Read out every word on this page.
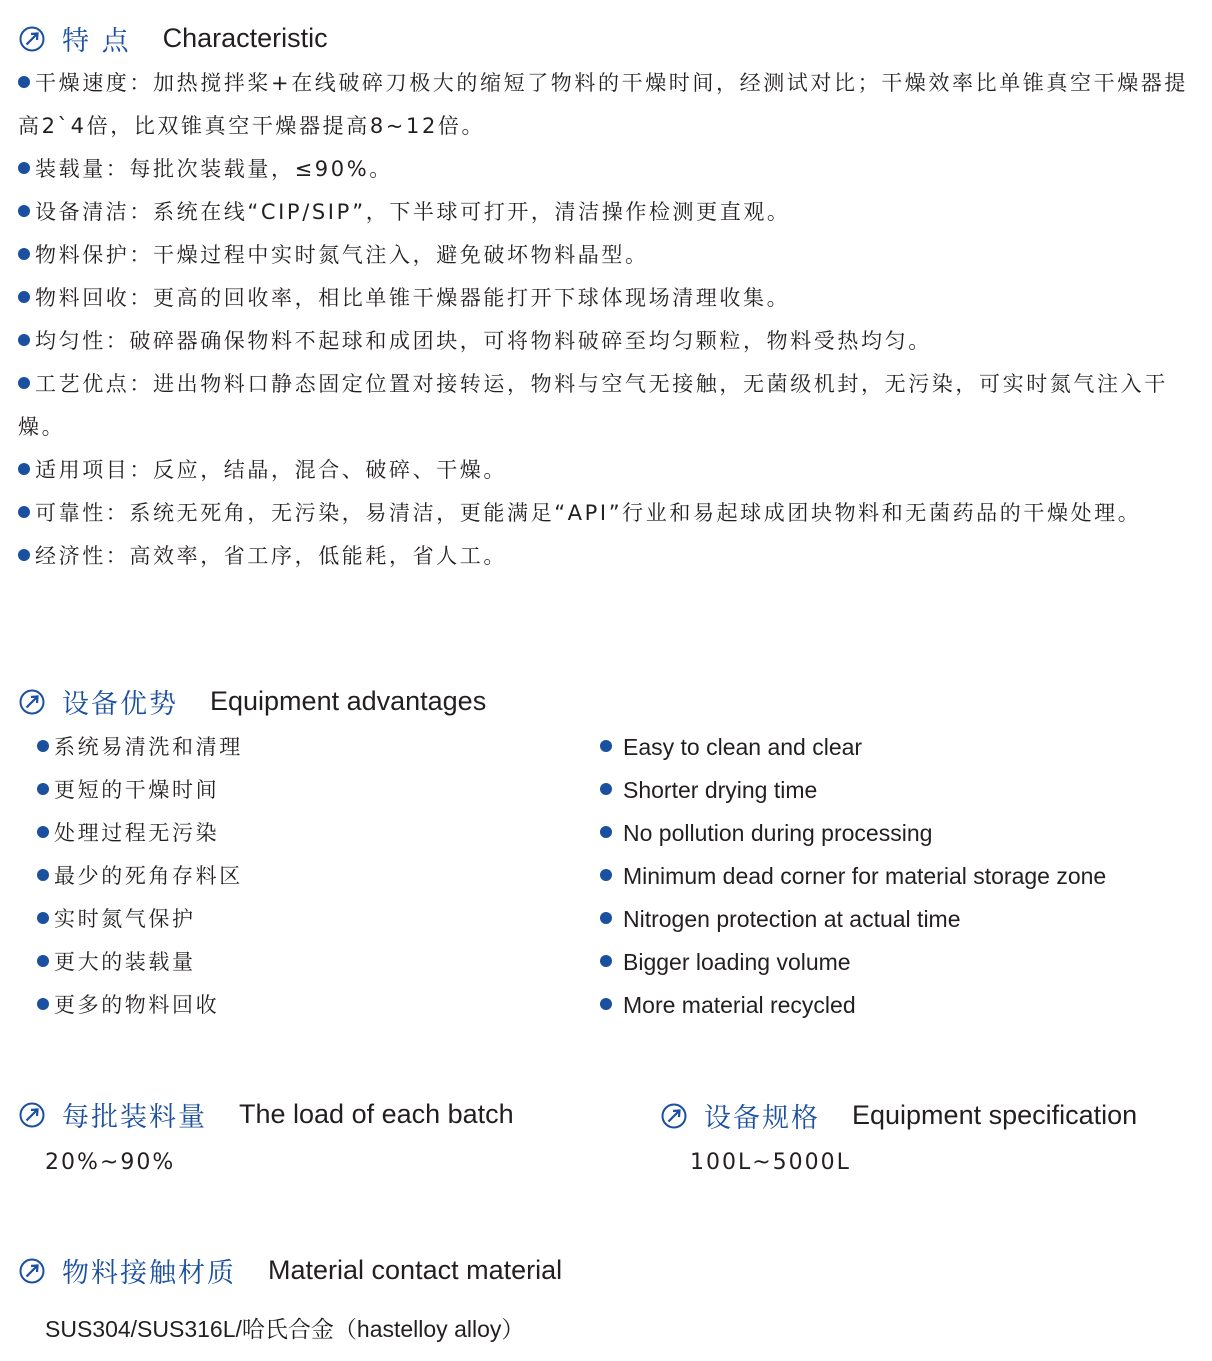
特 点 Characteristic
干燥速度：加热搅拌桨+在线破碎刀极大的缩短了物料的干燥时间，经测试对比；干燥效率比单锥真空干燥器提高2`4倍，比双锥真空干燥器提高8~12倍。
装载量：每批次装载量，≤90%。
设备清洁：系统在线“CIP/SIP”，下半球可打开，清洁操作检测更直观。
物料保护：干燥过程中实时氮气注入，避免破坏物料晶型。
物料回收：更高的回收率，相比单锥干燥器能打开下球体现场清理收集。
均匀性：破碎器确保物料不起球和成团块，可将物料破碎至均匀颗粒，物料受热均匀。
工艺优点：进出物料口静态固定位置对接转运，物料与空气无接触，无菌级机封，无污染，可实时氮气注入干燥。
适用项目：反应，结晶，混合、破碎、干燥。
可靠性：系统无死角，无污染，易清洁，更能满足“API”行业和易起球成团块物料和无菌药品的干燥处理。
经济性：高效率，省工序，低能耗，省人工。
设备优势 Equipment advantages
系统易清洗和清理
更短的干燥时间
处理过程无污染
最少的死角存料区
实时氮气保护
更大的装载量
更多的物料回收
Easy to clean and clear
Shorter drying time
No pollution during processing
Minimum dead corner for material storage zone
Nitrogen protection at actual time
Bigger loading volume
More material recycled
每批装料量 The load of each batch
20%~90%
设备规格 Equipment specification
100L~5000L
物料接触材质 Material contact material
SUS304/SUS316L/哈氏合金（hastelloy alloy）
